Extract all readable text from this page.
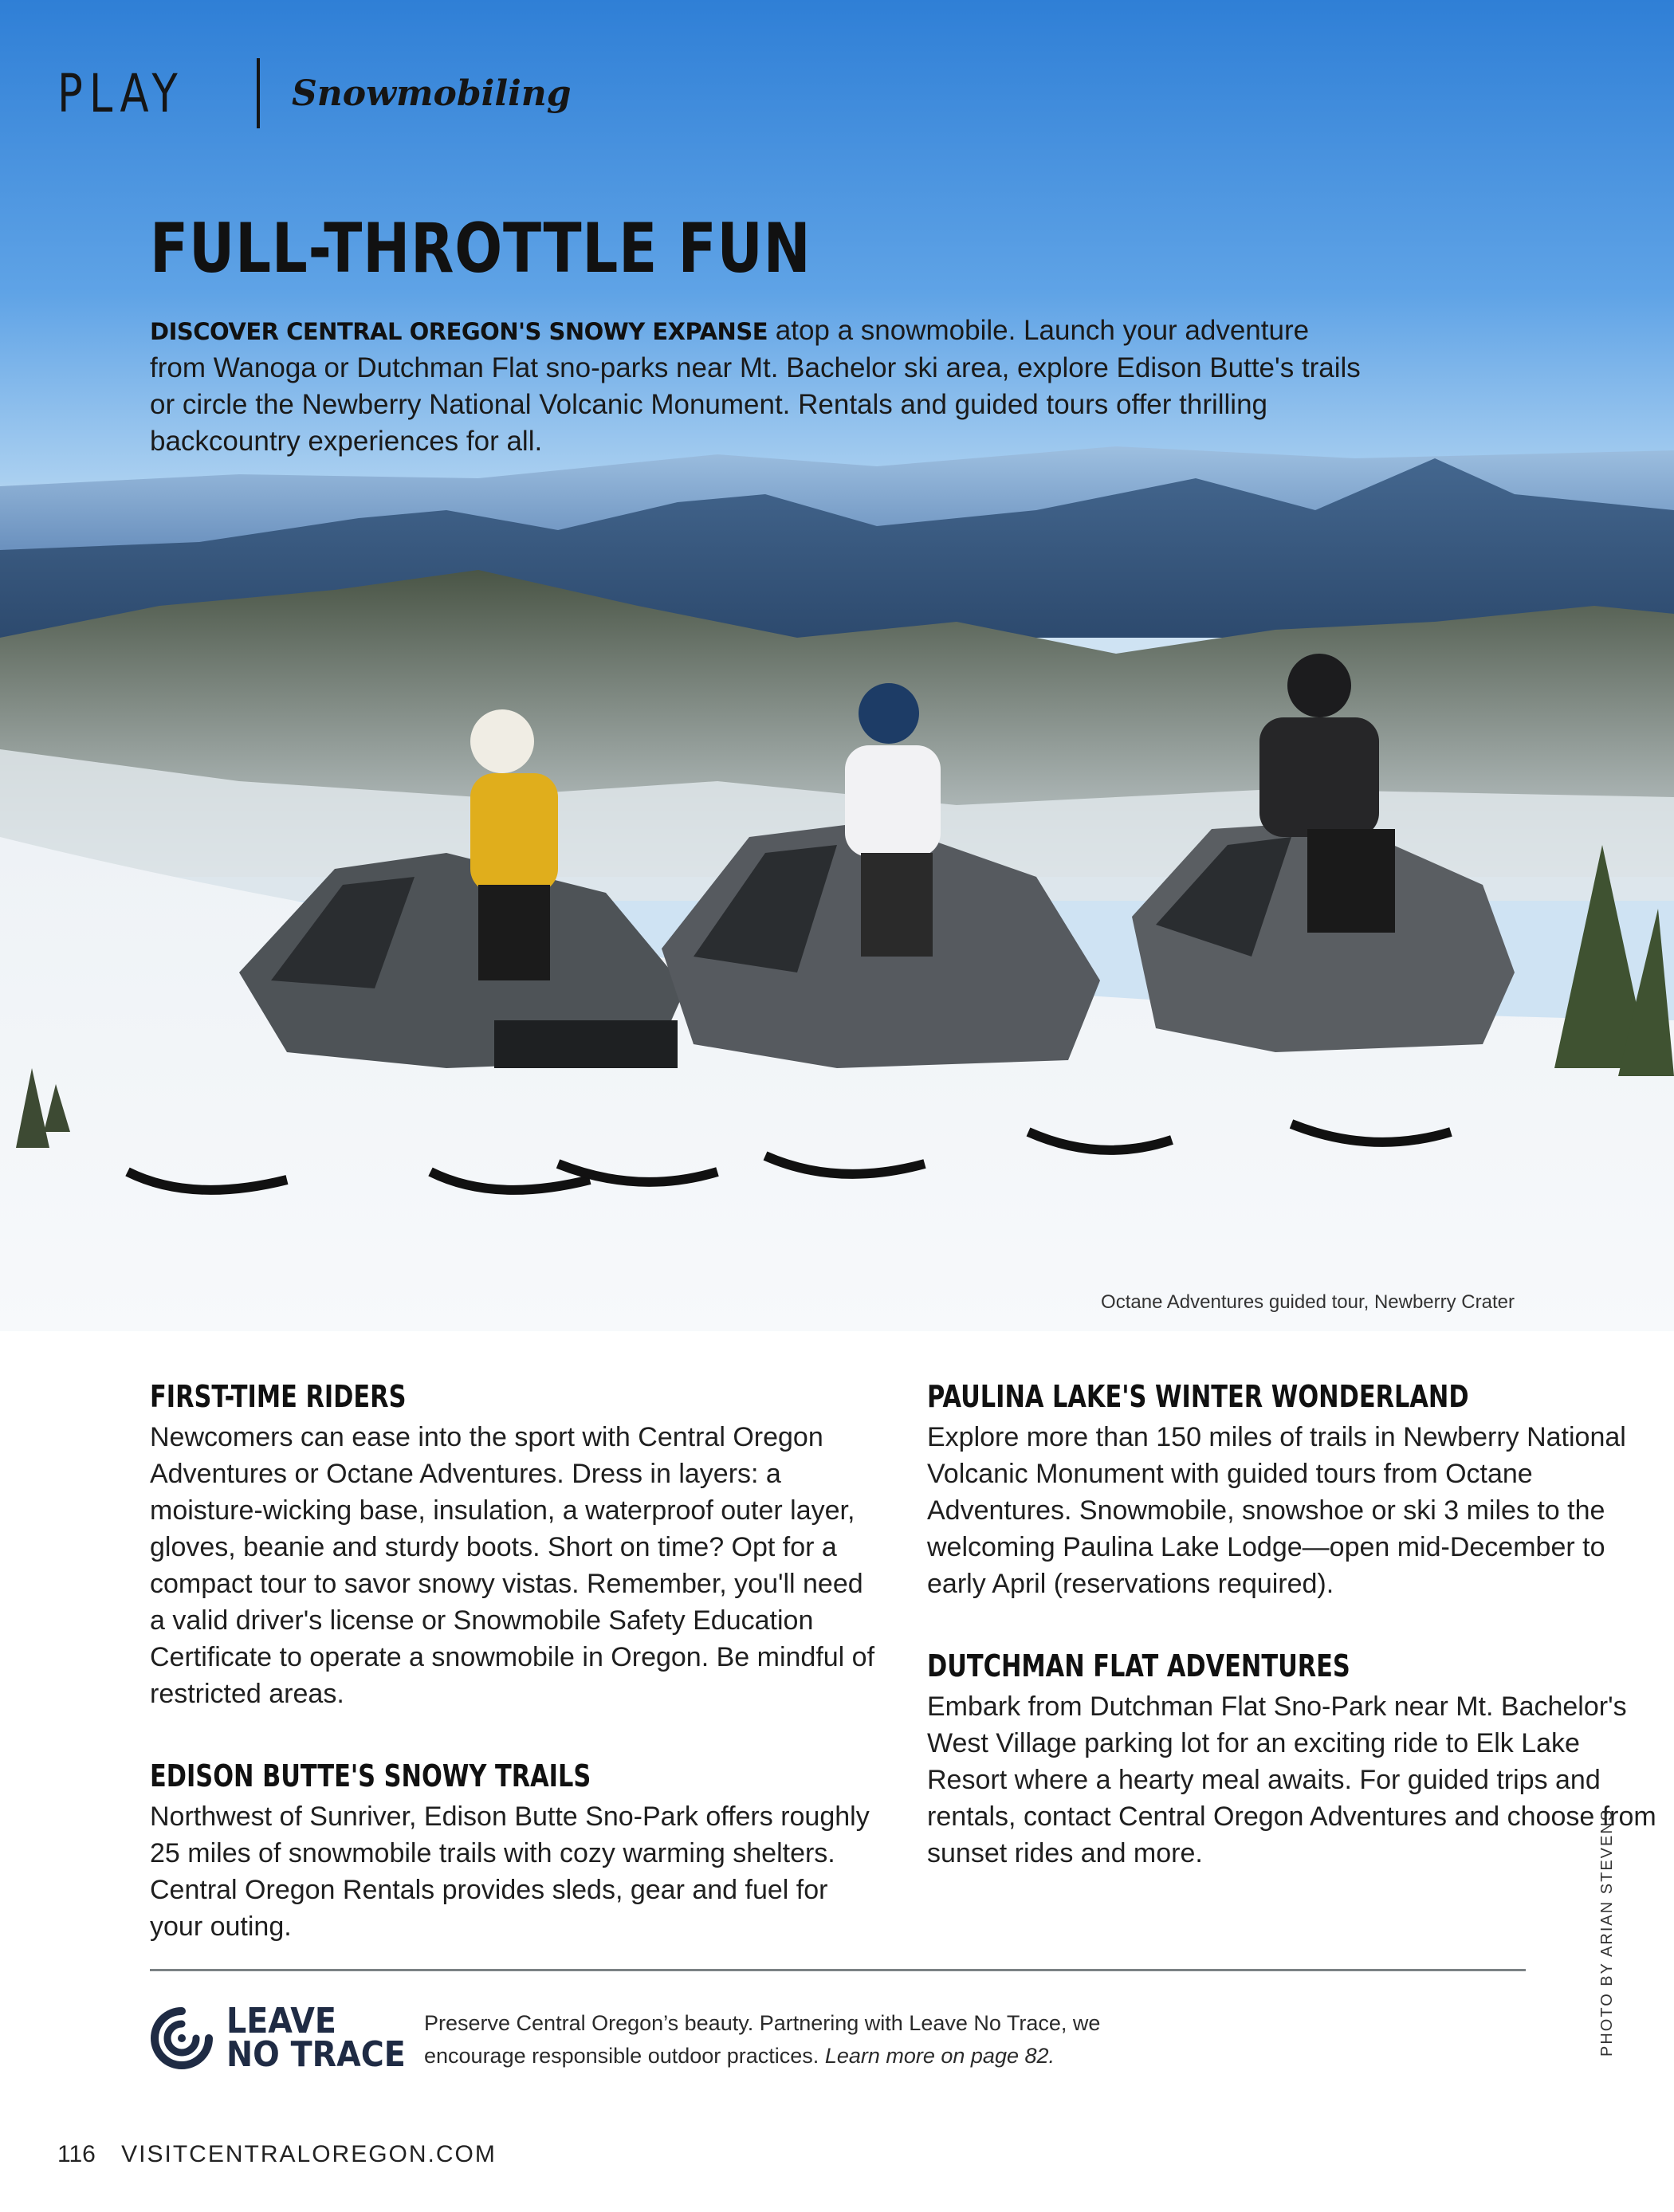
PLAY	Snowmobiling
FULL-THROTTLE FUN

DISCOVER CENTRAL OREGON'S SNOWY EXPANSE atop a snowmobile. Launch your adventure from Wanoga or Dutchman Flat sno-parks near Mt. Bachelor ski area, explore Edison Butte's trails or circle the Newberry National Volcanic Monument. Rentals and guided tours offer thrilling backcountry experiences for all.

Octane Adventures guided tour, Newberry Crater
FIRST-TIME RIDERS

Newcomers can ease into the sport with Central Oregon Adventures or Octane Adventures. Dress in layers: a moisture-wicking base, insulation, a waterproof outer layer, gloves, beanie and sturdy boots. Short on time? Opt for a compact tour to savor snowy vistas. Remember, you'll need a valid driver's license or Snowmobile Safety Education Certificate to operate a snowmobile in Oregon. Be mindful of restricted areas.

EDISON BUTTE'S SNOWY TRAILS

Northwest of Sunriver, Edison Butte Sno-Park offers roughly 25 miles of snowmobile trails with cozy warming shelters. Central Oregon Rentals provides sleds, gear and fuel for your outing.

PAULINA LAKE'S WINTER WONDERLAND

Explore more than 150 miles of trails in Newberry National Volcanic Monument with guided tours from Octane Adventures. Snowmobile, snowshoe or ski 3 miles to the welcoming Paulina Lake Lodge—open mid-December to early April (reservations required).

DUTCHMAN FLAT ADVENTURES

Embark from Dutchman Flat Sno-Park near Mt. Bachelor's West Village parking lot for an exciting ride to Elk Lake Resort where a hearty meal awaits. For guided trips and rentals, contact Central Oregon Adventures and choose from sunset rides and more.

LEAVE
NO TRACE

Preserve Central Oregon’s beauty. Partnering with Leave No Trace, we encourage responsible outdoor practices. Learn more on page 82.	PHOTO BY ARIAN STEVENS
116 VISITCENTRALOREGON.COM
